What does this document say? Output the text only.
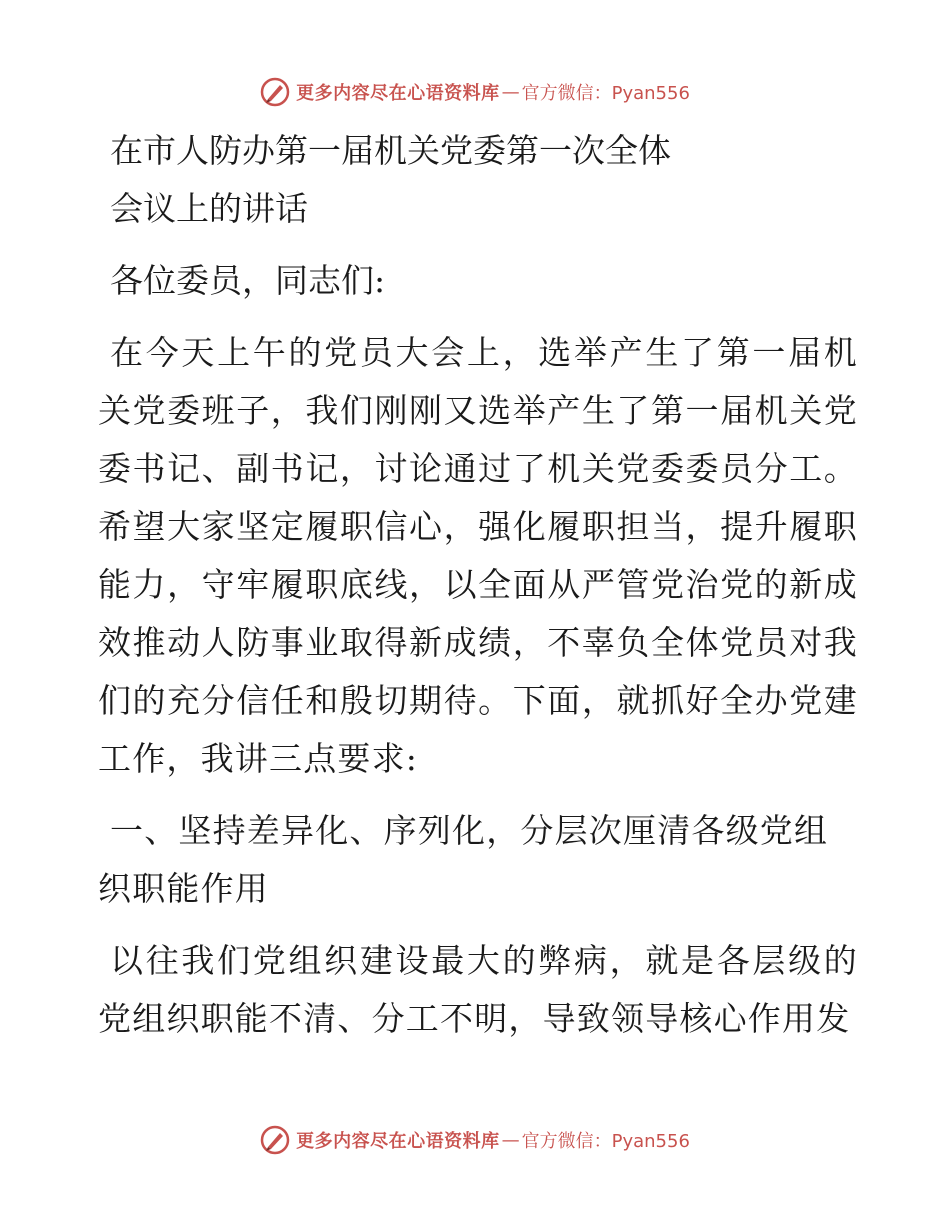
更多内容尽在心语资料库 — 官方微信：Pyan556

在市人防办第一届机关党委第一次全体

会议上的讲话

各位委员，同志们:

在今天上午的党员大会上，选举产生了第一届机关党委班子，我们刚刚又选举产生了第一届机关党委书记、副书记，讨论通过了机关党委委员分工。希望大家坚定履职信心，强化履职担当，提升履职能力，守牢履职底线，以全面从严管党治党的新成效推动人防事业取得新成绩，不辜负全体党员对我们的充分信任和殷切期待。下面，就抓好全办党建工作，我讲三点要求:

一、坚持差异化、序列化，分层次厘清各级党组织职能作用

以往我们党组织建设最大的弊病，就是各层级的党组织职能不清、分工不明，导致领导核心作用发

更多内容尽在心语资料库 — 官方微信：Pyan556
